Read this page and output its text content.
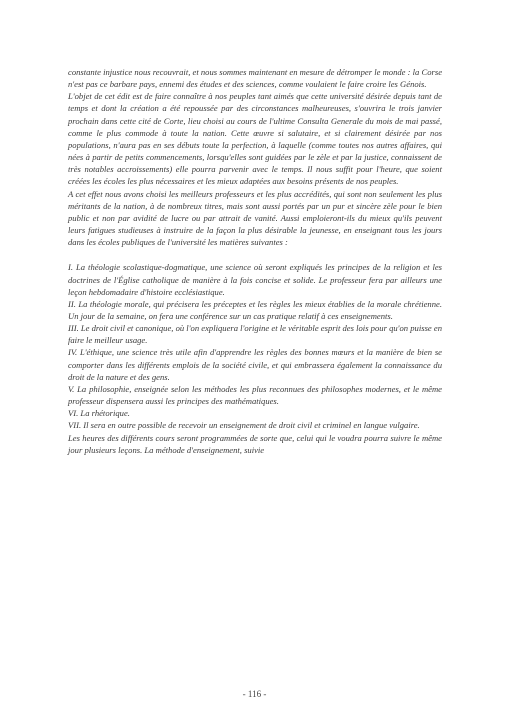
constante injustice nous recouvrait, et nous sommes maintenant en mesure de détromper le monde : la Corse n'est pas ce barbare pays, ennemi des études et des sciences, comme voulaient le faire croire les Génois.

L'objet de cet édit est de faire connaître à nos peuples tant aimés que cette université désirée depuis tant de temps et dont la création a été repoussée par des circonstances malheureuses, s'ouvrira le trois janvier prochain dans cette cité de Corte, lieu choisi au cours de l'ultime Consulta Generale du mois de mai passé, comme le plus commode à toute la nation. Cette œuvre si salutaire, et si clairement désirée par nos populations, n'aura pas en ses débuts toute la perfection, à laquelle (comme toutes nos autres affaires, qui nées à partir de petits commencements, lorsqu'elles sont guidées par le zèle et par la justice, connaissent de très notables accroissements) elle pourra parvenir avec le temps. Il nous suffit pour l'heure, que soient créées les écoles les plus nécessaires et les mieux adaptées aux besoins présents de nos peuples.

A cet effet nous avons choisi les meilleurs professeurs et les plus accrédités, qui sont non seulement les plus méritants de la nation, à de nombreux titres, mais sont aussi portés par un pur et sincère zèle pour le bien public et non par avidité de lucre ou par attrait de vanité. Aussi emploieront-ils du mieux qu'ils peuvent leurs fatigues studieuses à instruire de la façon la plus désirable la jeunesse, en enseignant tous les jours dans les écoles publiques de l'université les matières suivantes :

I. La théologie scolastique-dogmatique, une science où seront expliqués les principes de la religion et les doctrines de l'Église catholique de manière à la fois concise et solide. Le professeur fera par ailleurs une leçon hebdomadaire d'histoire ecclésiastique.

II. La théologie morale, qui précisera les préceptes et les règles les mieux établies de la morale chrétienne. Un jour de la semaine, on fera une conférence sur un cas pratique relatif à ces enseignements.

III. Le droit civil et canonique, où l'on expliquera l'origine et le véritable esprit des lois pour qu'on puisse en faire le meilleur usage.

IV. L'éthique, une science très utile afin d'apprendre les règles des bonnes mœurs et la manière de bien se comporter dans les différents emplois de la société civile, et qui embrassera également la connaissance du droit de la nature et des gens.

V. La philosophie, enseignée selon les méthodes les plus reconnues des philosophes modernes, et le même professeur dispensera aussi les principes des mathématiques.

VI. La rhétorique.

VII. Il sera en outre possible de recevoir un enseignement de droit civil et criminel en langue vulgaire.

Les heures des différents cours seront programmées de sorte que, celui qui le voudra pourra suivre le même jour plusieurs leçons. La méthode d'enseignement, suivie

- 116 -
